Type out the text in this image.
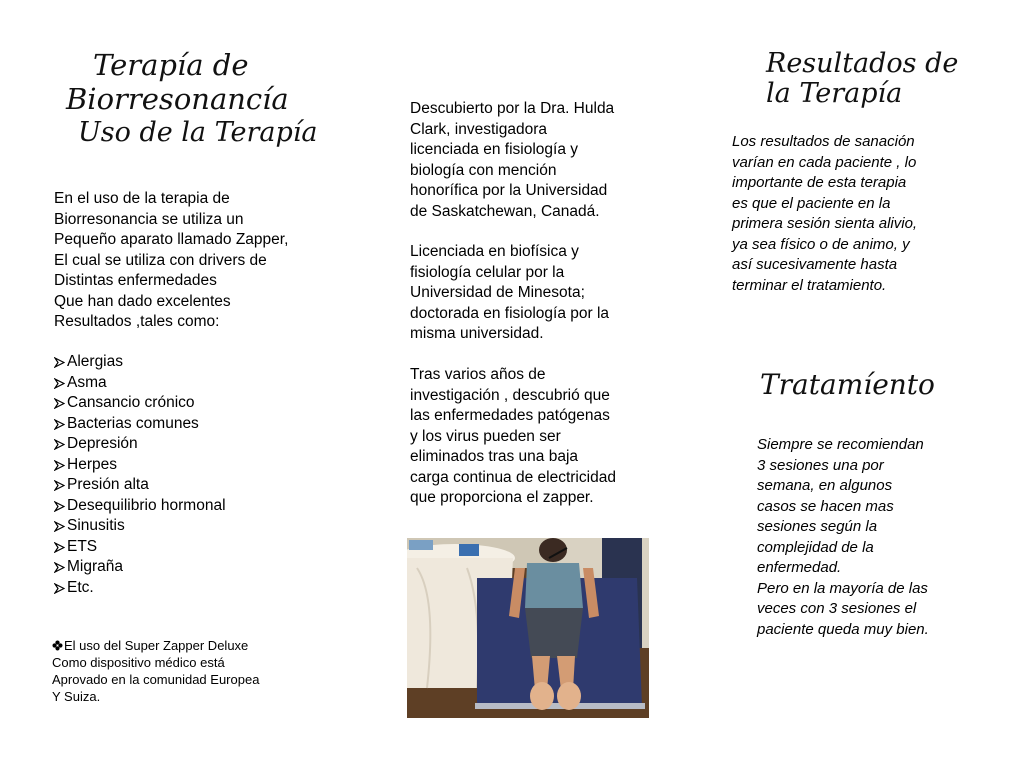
Terapía de
Biorresonancía
Uso de la Terapía
En el uso de la terapia de
Biorresonancia se utiliza un
Pequeño aparato llamado Zapper,
El cual se utiliza con drivers de
Distintas enfermedades
Que han dado excelentes
Resultados ,tales como:
Alergias
Asma
Cansancio crónico
Bacterias comunes
Depresión
Herpes
Presión alta
Desequilibrio hormonal
Sinusitis
ETS
Migraña
Etc.
El uso del Super Zapper Deluxe
Como dispositivo médico está
Aprovado en la comunidad Europea
Y Suiza.
Descubierto por la Dra. Hulda
Clark, investigadora
licenciada en fisiología y
biología con mención
honorífica por la Universidad
de Saskatchewan, Canadá.
Licenciada en biofísica y
fisiología celular por la
Universidad de Minesota;
doctorada en fisiología por la
misma universidad.
Tras varios años de
investigación , descubrió que
las enfermedades patógenas
y los virus pueden ser
eliminados tras una baja
carga continua de electricidad
que proporciona el zapper.
Resultados de
la Terapía
Los resultados de sanación
varían en cada paciente , lo
importante de esta terapia
es que el paciente en la
primera sesión sienta alivio,
ya sea físico o de animo, y
así sucesivamente hasta
terminar el tratamiento.
Tratamíento
Siempre se recomiendan
3 sesiones una por
semana, en algunos
casos se hacen mas
sesiones según la
complejidad de la
enfermedad.
Pero en la mayoría de las
veces con 3 sesiones el
paciente queda muy bien.
